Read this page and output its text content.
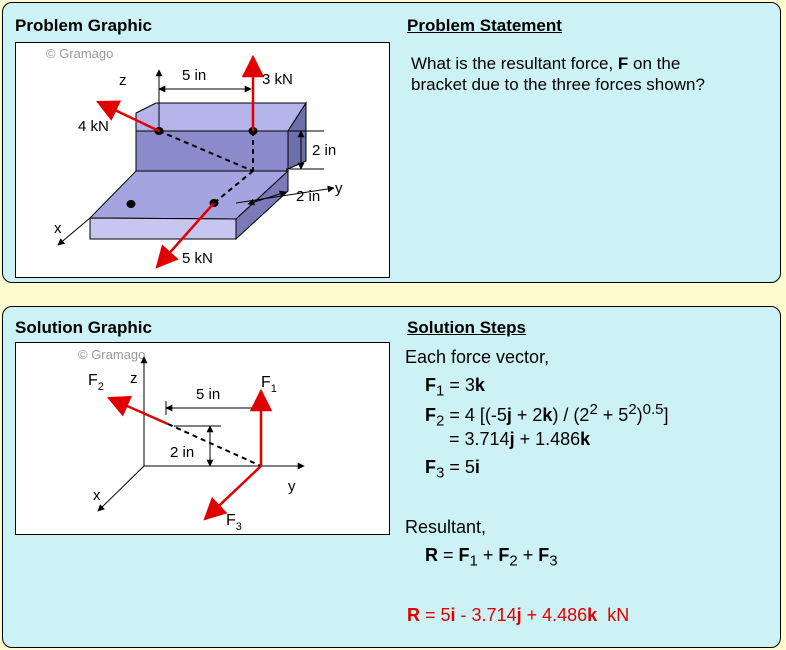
Problem Graphic	Problem Statement
© Gramago
z
y
x
5 in
2 in
2 in
3 kN
4 kN
5 kN
What is the resultant force, F on the
bracket due to the three forces shown?
Solution Graphic	Solution Steps
© Gramago
z
y
x
5 in
2 in
$F_2$	$F_1$
$F_3$
Each force vector,
$F_1 = 3k$
$F_2 = 4$ $[(-5j + 2k) / (2^2 + 5^2)^{0.5}]$
= 3.714j + 1.486k
$F_3 = 5i$
Resultant,
$R = F_1 + F_2 + F_3$
R = 5i - 3.714j + 4.486k  kN
